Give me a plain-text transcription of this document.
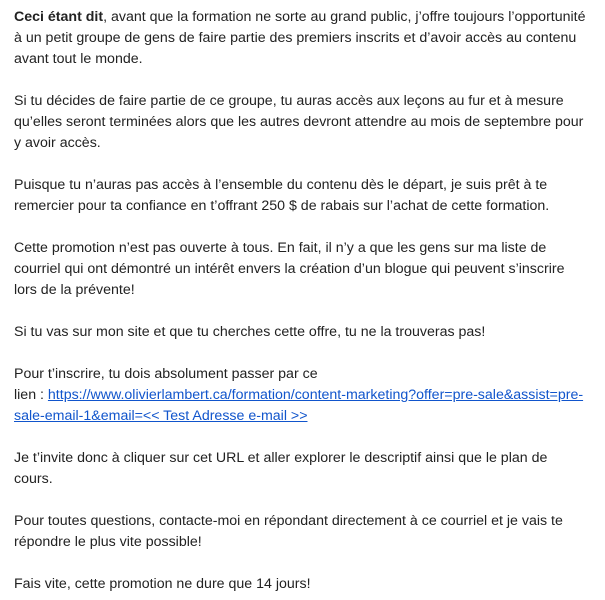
Ceci étant dit, avant que la formation ne sorte au grand public, j’offre toujours l’opportunité
à un petit groupe de gens de faire partie des premiers inscrits et d’avoir accès au contenu
avant tout le monde.
Si tu décides de faire partie de ce groupe, tu auras accès aux leçons au fur et à mesure
qu’elles seront terminées alors que les autres devront attendre au mois de septembre pour
y avoir accès.
Puisque tu n’auras pas accès à l’ensemble du contenu dès le départ, je suis prêt à te
remercier pour ta confiance en t’offrant 250 $ de rabais sur l’achat de cette formation.
Cette promotion n’est pas ouverte à tous. En fait, il n’y a que les gens sur ma liste de
courriel qui ont démontré un intérêt envers la création d’un blogue qui peuvent s’inscrire
lors de la prévente!
Si tu vas sur mon site et que tu cherches cette offre, tu ne la trouveras pas!
Pour t’inscrire, tu dois absolument passer par ce
lien : https://www.olivierlambert.ca/formation/content-marketing?offer=pre-sale&assist=pre-
sale-email-1&email=<< Test Adresse e-mail >>
Je t’invite donc à cliquer sur cet URL et aller explorer le descriptif ainsi que le plan de
cours.
Pour toutes questions, contacte-moi en répondant directement à ce courriel et je vais te
répondre le plus vite possible!
Fais vite, cette promotion ne dure que 14 jours!
